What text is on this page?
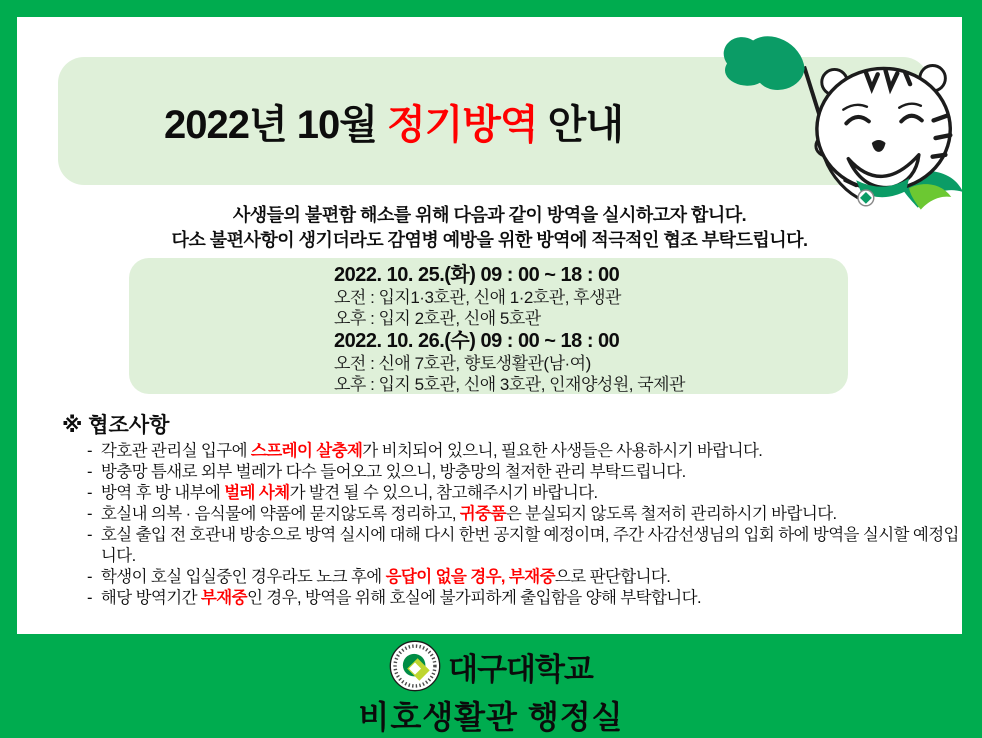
2022년 10월 정기방역 안내
사생들의 불편함 해소를 위해 다음과 같이 방역을 실시하고자 합니다.
다소 불편사항이 생기더라도 감염병 예방을 위한 방역에 적극적인 협조 부탁드립니다.
2022. 10. 25.(화) 09 : 00 ~ 18 : 00
오전 : 입지1·3호관, 신애 1·2호관, 후생관
오후 : 입지 2호관, 신애 5호관
2022. 10. 26.(수) 09 : 00 ~ 18 : 00
오전 : 신애 7호관, 향토생활관(남·여)
오후 : 입지 5호관, 신애 3호관, 인재양성원, 국제관
※ 협조사항
- 각호관 관리실 입구에 스프레이 살충제가 비치되어 있으니, 필요한 사생들은 사용하시기 바랍니다.
- 방충망 틈새로 외부 벌레가 다수 들어오고 있으니, 방충망의 철저한 관리 부탁드립니다.
- 방역 후 방 내부에 벌레 사체가 발견 될 수 있으니, 참고해주시기 바랍니다.
- 호실내 의복 · 음식물에 약품에 묻지않도록 정리하고, 귀중품은 분실되지 않도록 철저히 관리하시기 바랍니다.
- 호실 출입 전 호관내 방송으로 방역 실시에 대해 다시 한번 공지할 예정이며, 주간 사감선생님의 입회 하에 방역을 실시할 예정입니다.
- 학생이 호실 입실중인 경우라도 노크 후에 응답이 없을 경우, 부재중으로 판단합니다.
- 해당 방역기간 부재중인 경우, 방역을 위해 호실에 불가피하게 출입함을 양해 부탁합니다.
대구대학교
비호생활관 행정실
